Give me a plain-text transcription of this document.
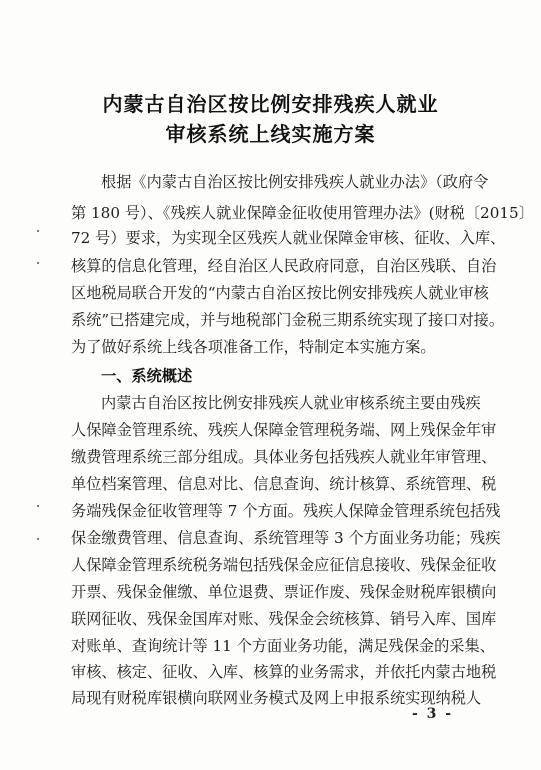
内蒙古自治区按比例安排残疾人就业
审核系统上线实施方案
根据《内蒙古自治区按比例安排残疾人就业办法》（政府令
第 180 号）、《残疾人就业保障金征收使用管理办法》(财税〔2015〕
72 号）要求，为实现全区残疾人就业保障金审核、征收、入库、
核算的信息化管理，经自治区人民政府同意，自治区残联、自治
区地税局联合开发的“内蒙古自治区按比例安排残疾人就业审核
系统”已搭建完成，并与地税部门金税三期系统实现了接口对接。
为了做好系统上线各项准备工作，特制定本实施方案。
一、系统概述
内蒙古自治区按比例安排残疾人就业审核系统主要由残疾
人保障金管理系统、残疾人保障金管理税务端、网上残保金年审
缴费管理系统三部分组成。具体业务包括残疾人就业年审管理、
单位档案管理、信息对比、信息查询、统计核算、系统管理、税
务端残保金征收管理等 7 个方面。残疾人保障金管理系统包括残
保金缴费管理、信息查询、系统管理等 3 个方面业务功能；残疾
人保障金管理系统税务端包括残保金应征信息接收、残保金征收
开票、残保金催缴、单位退费、票证作废、残保金财税库银横向
联网征收、残保金国库对账、残保金会统核算、销号入库、国库
对账单、查询统计等 11 个方面业务功能，满足残保金的采集、
审核、核定、征收、入库、核算的业务需求，并依托内蒙古地税
局现有财税库银横向联网业务模式及网上申报系统实现纳税人
- 3 -
